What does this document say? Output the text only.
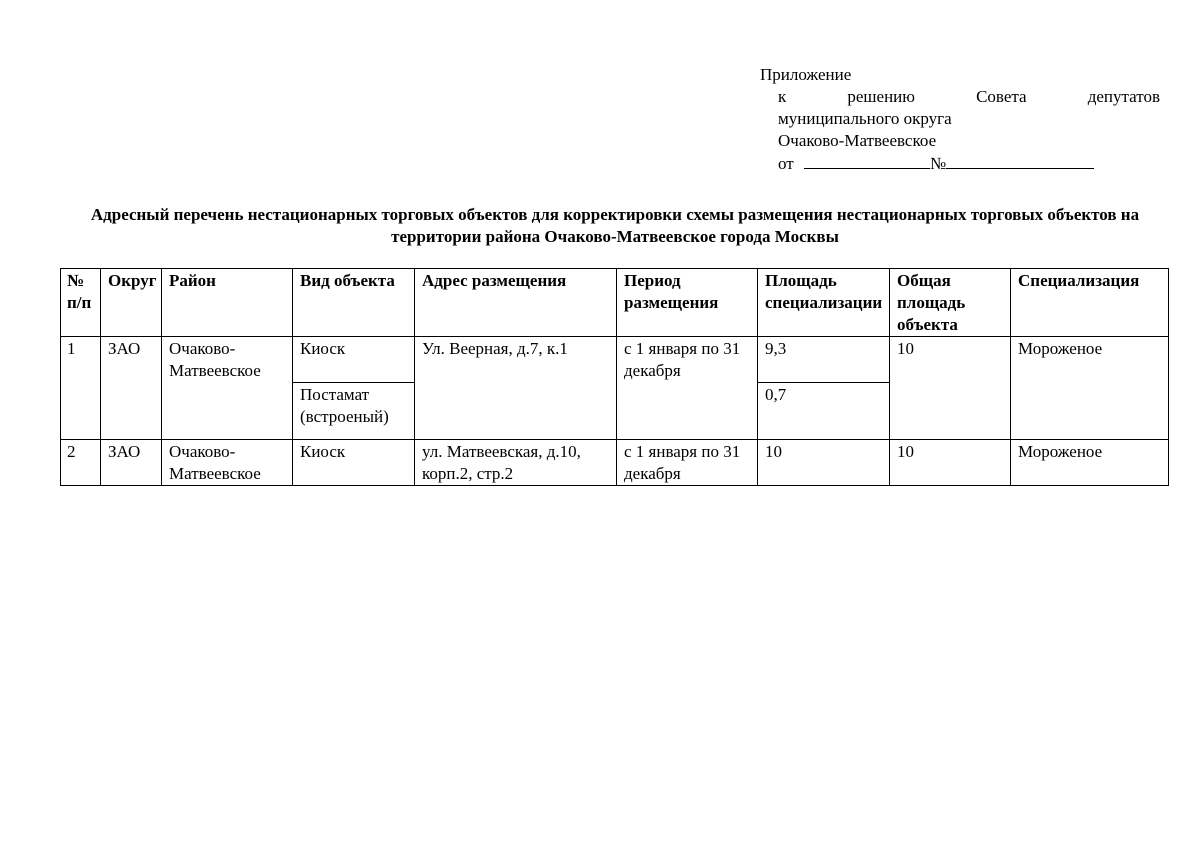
Приложение
к	решению	Совета	депутатов
муниципального округа
Очаково-Матвеевское
от	№
Адресный перечень нестационарных торговых объектов для корректировки схемы размещения нестационарных торговых объектов на территории района Очаково-Матвеевское города Москвы
№ п/п	Округ	Район	Вид объекта	Адрес размещения	Период размещения	Площадь специализации	Общая площадь объекта	Специализация
1	ЗАО	Очаково-Матвеевское	Киоск	Ул. Веерная, д.7, к.1	с 1 января по 31 декабря	9,3	10	Мороженое
			Постамат (встроеный)			0,7		
2	ЗАО	Очаково-Матвеевское	Киоск	ул. Матвеевская, д.10, корп.2, стр.2	с 1 января по 31 декабря	10	10	Мороженое
